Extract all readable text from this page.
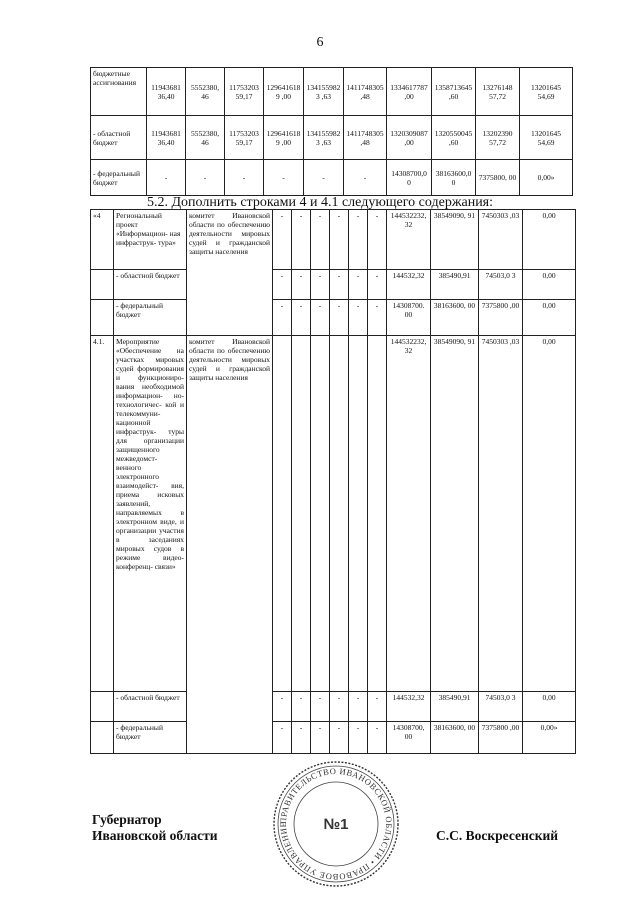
6
бюджетные ассигнования	11943681 36,40	5552380, 46	11753203 59,17	1296416189 ,00	1341559823 ,63	1411748305 ,48	1334617787 ,00	1358713645 ,60	13276148 57,72	13201645 54,69
- областной бюджет	11943681 36,40	5552380, 46	11753203 59,17	1296416189 ,00	1341559823 ,63	1411748305 ,48	1320309087 ,00	1320550045 ,60	13202390 57,72	13201645 54,69
- федеральный бюджет	-	-	-	-	-	-	14308700,0 0	38163600,0 0	7375800, 00	0,00»
5.2. Дополнить строками 4 и 4.1 следующего содержания:
«4	Региональный проект «Информацион- ная инфраструк- тура»	комитет Ивановской области по обеспечению деятельности мировых судей и гражданской защиты населения	-	-	-	-	-	-	144532232, 32	38549090, 91	7450303 ,03	0,00
	- областной бюджет		-	-	-	-	-	-	144532,32	385490,91	74503,0 3	0,00
	- федеральный бюджет		-	-	-	-	-	-	14308700. 00	38163600, 00	7375800 ,00	0,00
4.1.	Мероприятие «Обеспечение на участках мировых судей формирования и функциониро- вания необходимой информацион- но- технологичес- кой и телекоммуни- кационной инфраструк- туры для организации защищенного межведомст- венного электронного взаимодейст- вия, приема исковых заявлений, направляемых в электронном виде, и организации участия в заседаниях мировых судов в режиме видео- конференц- связи»	комитет Ивановской области по обеспечению деятельности мировых судей и гражданской защиты населения							144532232, 32	38549090, 91	7450303 ,03	0,00
	- областной бюджет		-	-	-	-	-	-	144532,32	385490,91	74503,0 3	0,00
	- федеральный бюджет		-	-	-	-	-	-	14308700, 00	38163600, 00	7375800 ,00	0,00»
Губернатор
Ивановской области	С.С. Воскресенский
ПРАВИТЕЛЬСТВО ИВАНОВСКОЙ ОБЛАСТИ • ПРАВОВОЕ УПРАВЛЕНИЕ	№1
